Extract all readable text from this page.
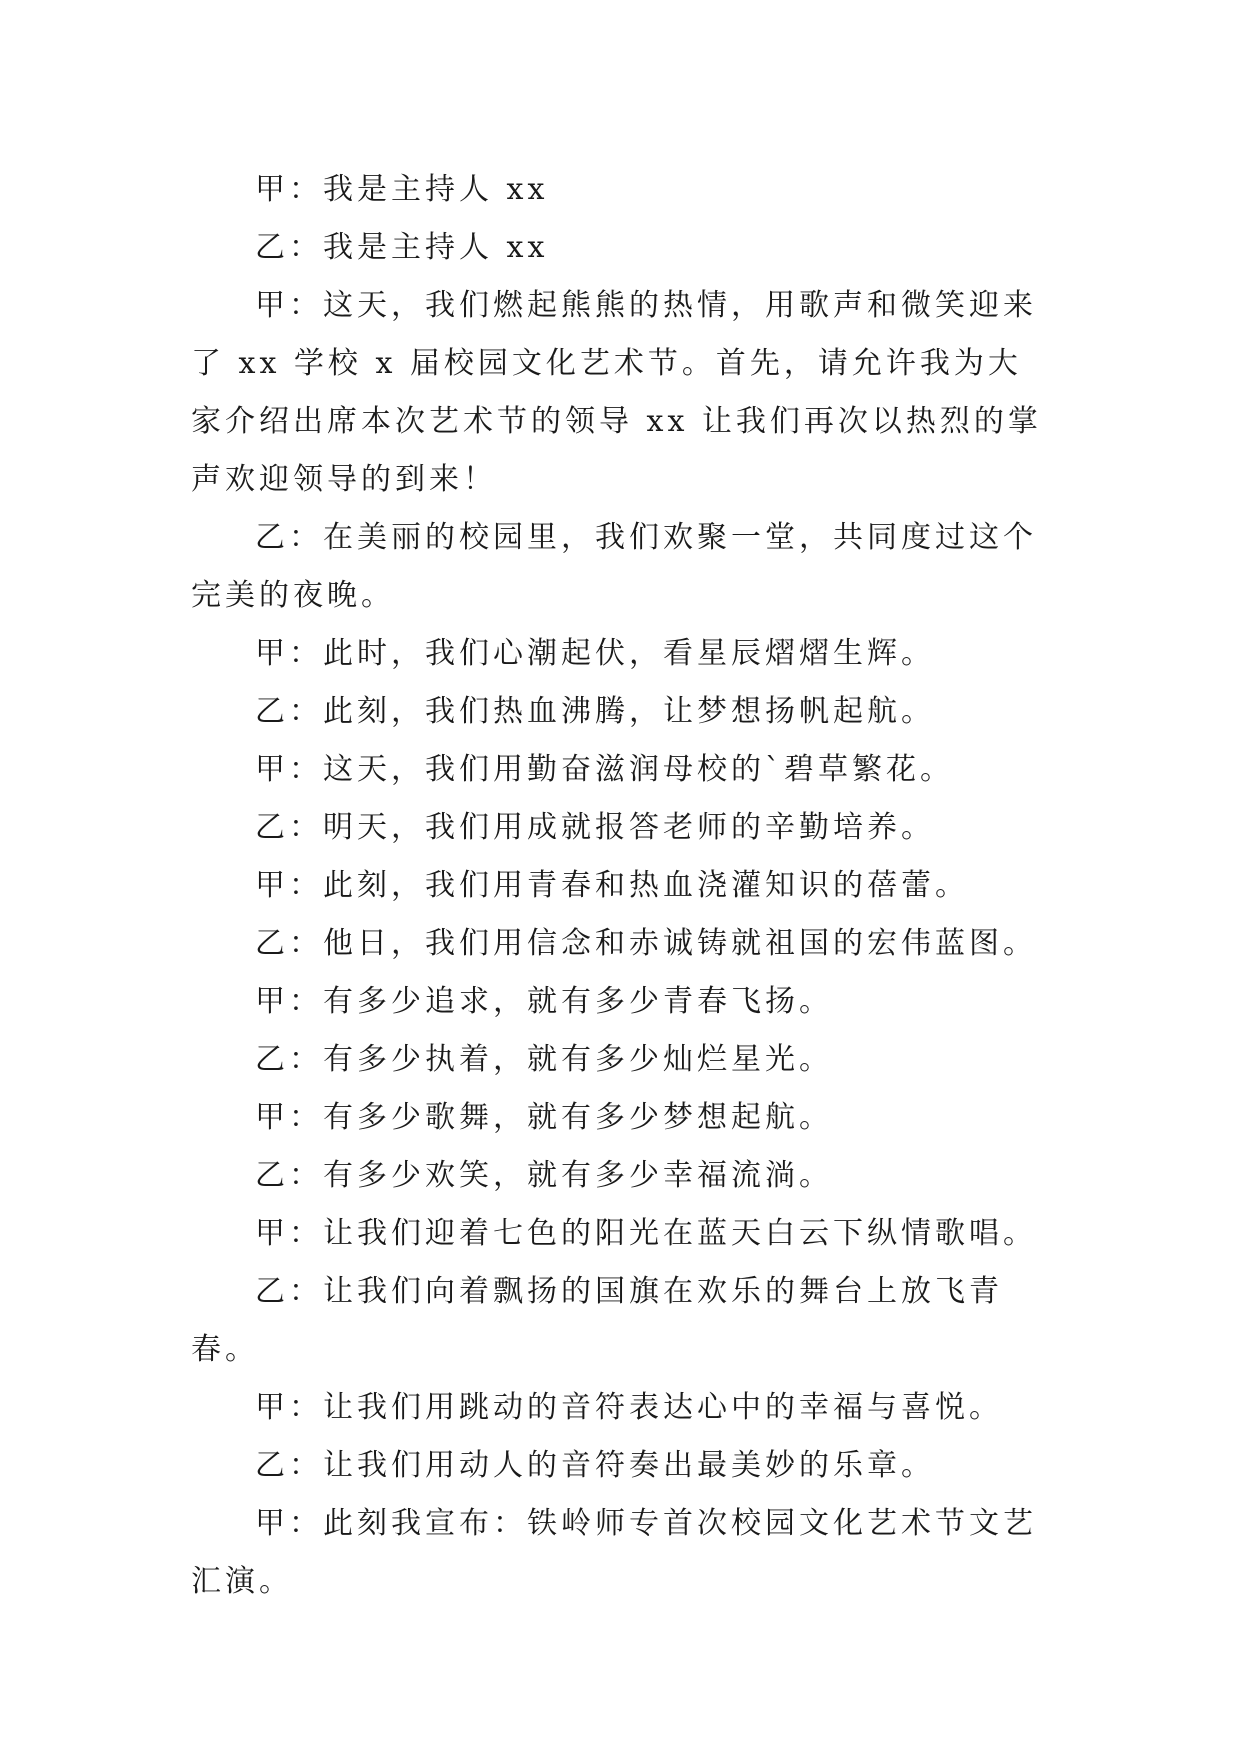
甲：我是主持人 xx

乙：我是主持人 xx

甲：这天，我们燃起熊熊的热情，用歌声和微笑迎来了 xx 学校 x 届校园文化艺术节。首先，请允许我为大家介绍出席本次艺术节的领导 xx 让我们再次以热烈的掌声欢迎领导的到来！

乙：在美丽的校园里，我们欢聚一堂，共同度过这个完美的夜晚。

甲：此时，我们心潮起伏，看星辰熠熠生辉。

乙：此刻，我们热血沸腾，让梦想扬帆起航。

甲：这天，我们用勤奋滋润母校的`碧草繁花。

乙：明天，我们用成就报答老师的辛勤培养。

甲：此刻，我们用青春和热血浇灌知识的蓓蕾。

乙：他日，我们用信念和赤诚铸就祖国的宏伟蓝图。

甲：有多少追求，就有多少青春飞扬。

乙：有多少执着，就有多少灿烂星光。

甲：有多少歌舞，就有多少梦想起航。

乙：有多少欢笑，就有多少幸福流淌。

甲：让我们迎着七色的阳光在蓝天白云下纵情歌唱。

乙：让我们向着飘扬的国旗在欢乐的舞台上放飞青春。

甲：让我们用跳动的音符表达心中的幸福与喜悦。

乙：让我们用动人的音符奏出最美妙的乐章。

甲：此刻我宣布：铁岭师专首次校园文化艺术节文艺汇演。
